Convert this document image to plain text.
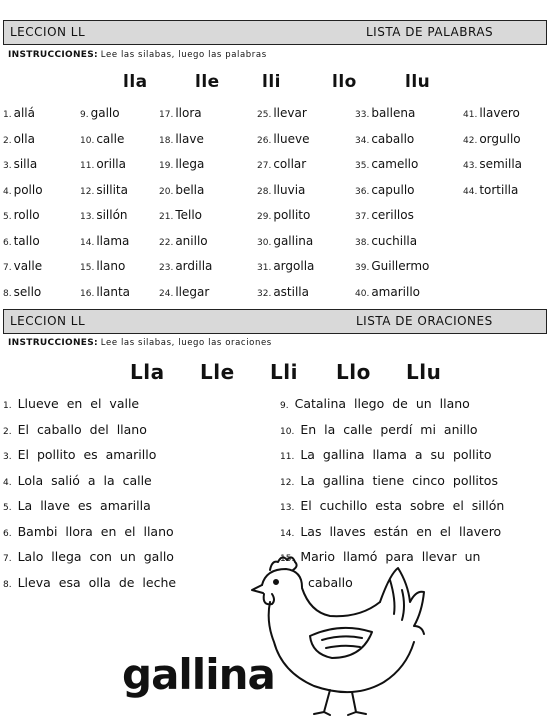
LECCION LL	LISTA DE PALABRAS
INSTRUCCIONES: Lee las silabas, luego las palabras
lla	lle lli	llo	llu
1. allá
2. olla
3. silla
4. pollo
5. rollo
6. tallo
7. valle
8. sello
9. gallo
10. calle
11. orilla
12. sillita
13. sillón
14. llama
15. llano
16. llanta
17. llora
18. llave
19. llega
20. bella
21. Tello
22. anillo
23. ardilla
24. llegar
25. llevar
26. llueve
27. collar
28. lluvia
29. pollito
30. gallina
31. argolla
32. astilla
33. ballena
34. caballo
35. camello
36. capullo
37. cerillos
38. cuchilla
39. Guillermo
40. amarillo
41. llavero
42. orgullo
43. semilla
44. tortilla
LECCION LL	LISTA DE ORACIONES
INSTRUCCIONES: Lee las silabas, luego las oraciones
Lla Lle Lli Llo Llu
1. Llueve en el valle
2. El caballo del llano
3. El pollito es amarillo
4. Lola salió a la calle
5. La llave es amarilla
6. Bambi llora en el llano
7. Lalo llega con un gallo
8. Lleva esa olla de leche
9. Catalina llego de un llano
10. En la calle perdí mi anillo
11. La gallina llama a su pollito
12. La gallina tiene cinco pollitos
13. El cuchillo esta sobre el sillón
14. Las llaves están en el llavero
15. Mario llamó para llevar un
caballo
gallina
